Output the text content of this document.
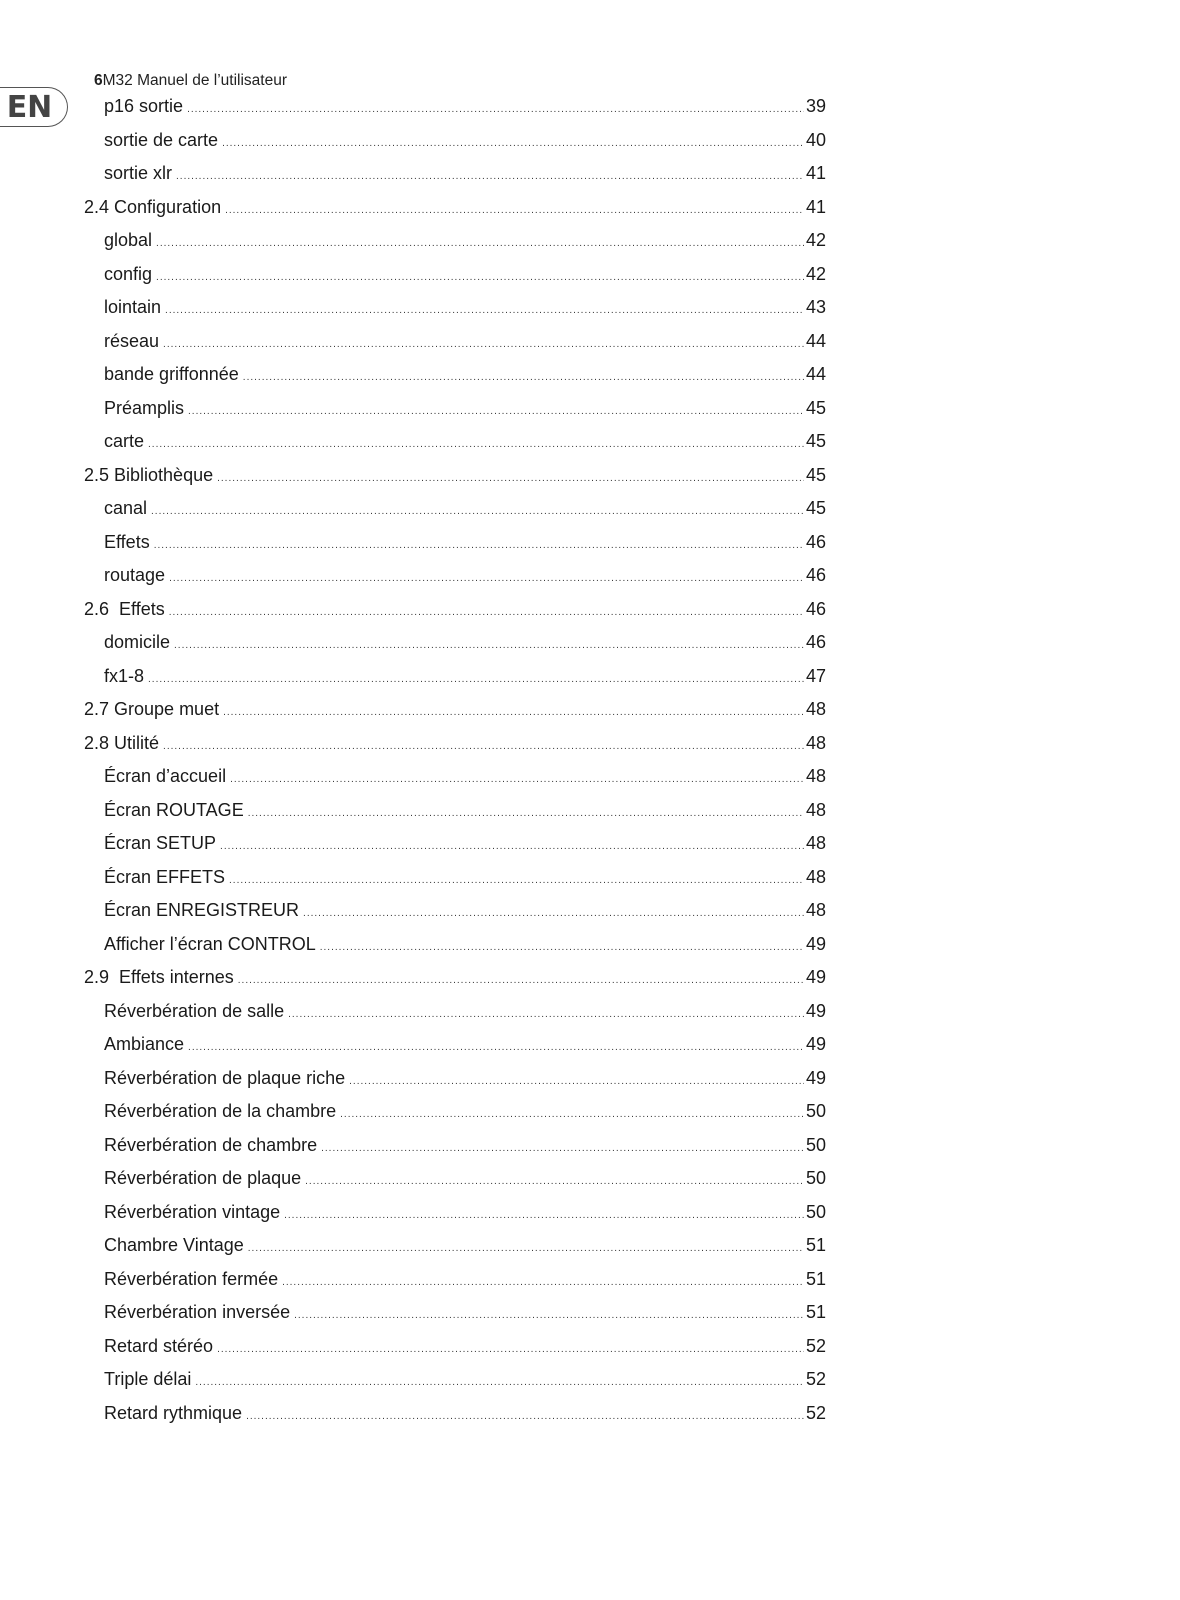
EN
6M32 Manuel de l’utilisateur
p16 sortie .....	39
sortie de carte .....	40
sortie xlr .....	41
2.4 Configuration .....	41
global .....	42
config .....	42
lointain .....	43
réseau .....	44
bande griffonnée .....	44
Préamplis .....	45
carte .....	45
2.5 Bibliothèque .....	45
canal .....	45
Effets .....	46
routage .....	46
2.6  Effets .....	46
domicile .....	46
fx1-8 .....	47
2.7 Groupe muet .....	48
2.8 Utilité .....	48
Écran d’accueil .....	48
Écran ROUTAGE .....	48
Écran SETUP .....	48
Écran EFFETS .....	48
Écran ENREGISTREUR .....	48
Afficher l’écran CONTROL .....	49
2.9  Effets internes .....	49
Réverbération de salle .....	49
Ambiance .....	49
Réverbération de plaque riche .....	49
Réverbération de la chambre .....	50
Réverbération de chambre .....	50
Réverbération de plaque .....	50
Réverbération vintage .....	50
Chambre Vintage .....	51
Réverbération fermée .....	51
Réverbération inversée .....	51
Retard stéréo .....	52
Triple délai .....	52
Retard rythmique .....	52
